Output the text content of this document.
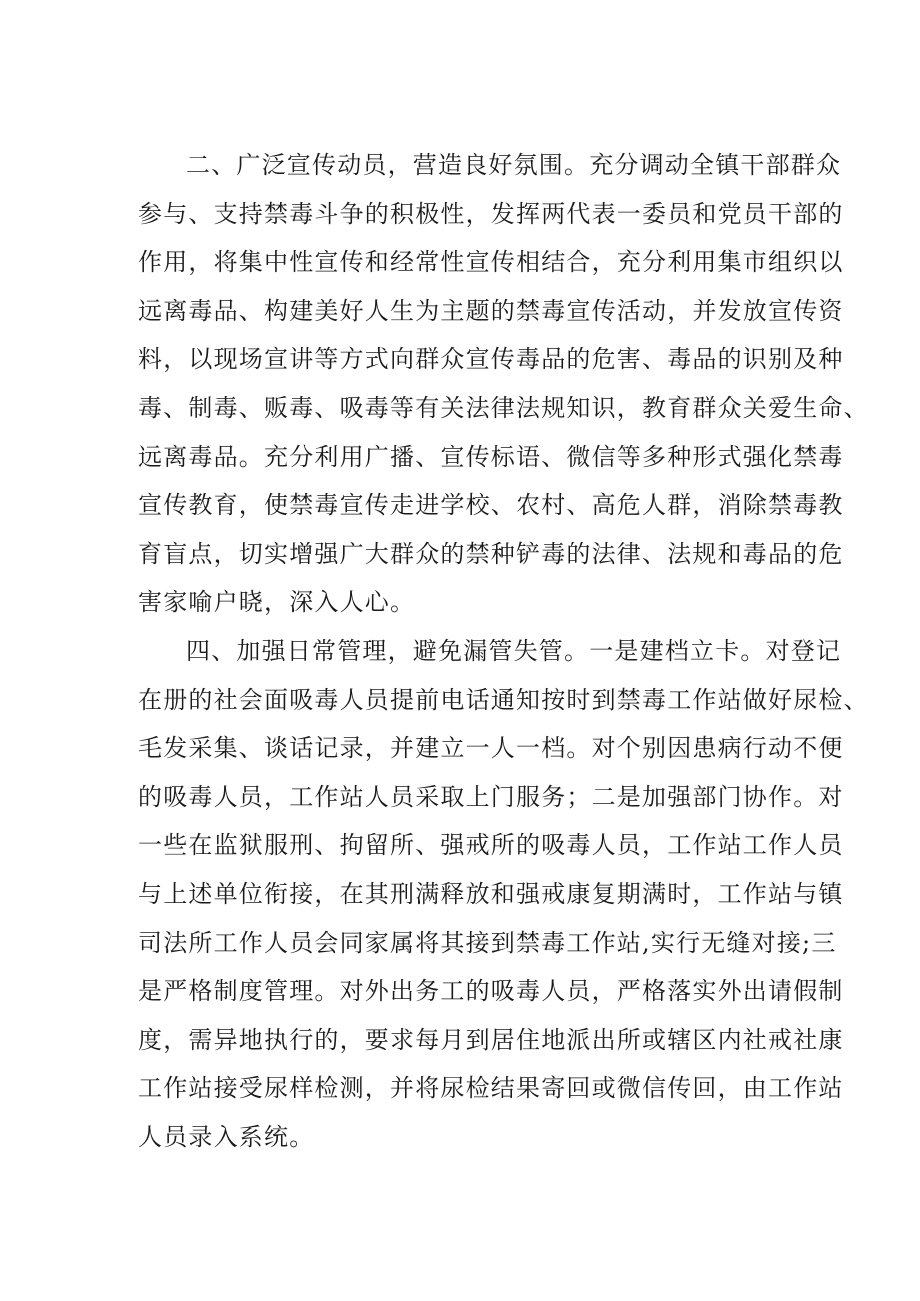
二、广泛宣传动员，营造良好氛围。充分调动全镇干部群众
参与、支持禁毒斗争的积极性，发挥两代表一委员和党员干部的
作用，将集中性宣传和经常性宣传相结合，充分利用集市组织以
远离毒品、构建美好人生为主题的禁毒宣传活动，并发放宣传资
料，以现场宣讲等方式向群众宣传毒品的危害、毒品的识别及种
毒、制毒、贩毒、吸毒等有关法律法规知识，教育群众关爱生命、
远离毒品。充分利用广播、宣传标语、微信等多种形式强化禁毒
宣传教育，使禁毒宣传走进学校、农村、高危人群，消除禁毒教
育盲点，切实增强广大群众的禁种铲毒的法律、法规和毒品的危
害家喻户晓，深入人心。

四、加强日常管理，避免漏管失管。一是建档立卡。对登记
在册的社会面吸毒人员提前电话通知按时到禁毒工作站做好尿检、
毛发采集、谈话记录，并建立一人一档。对个别因患病行动不便
的吸毒人员，工作站人员采取上门服务；二是加强部门协作。对
一些在监狱服刑、拘留所、强戒所的吸毒人员，工作站工作人员
与上述单位衔接，在其刑满释放和强戒康复期满时，工作站与镇
司法所工作人员会同家属将其接到禁毒工作站,实行无缝对接;三
是严格制度管理。对外出务工的吸毒人员，严格落实外出请假制
度，需异地执行的，要求每月到居住地派出所或辖区内社戒社康
工作站接受尿样检测，并将尿检结果寄回或微信传回，由工作站
人员录入系统。
